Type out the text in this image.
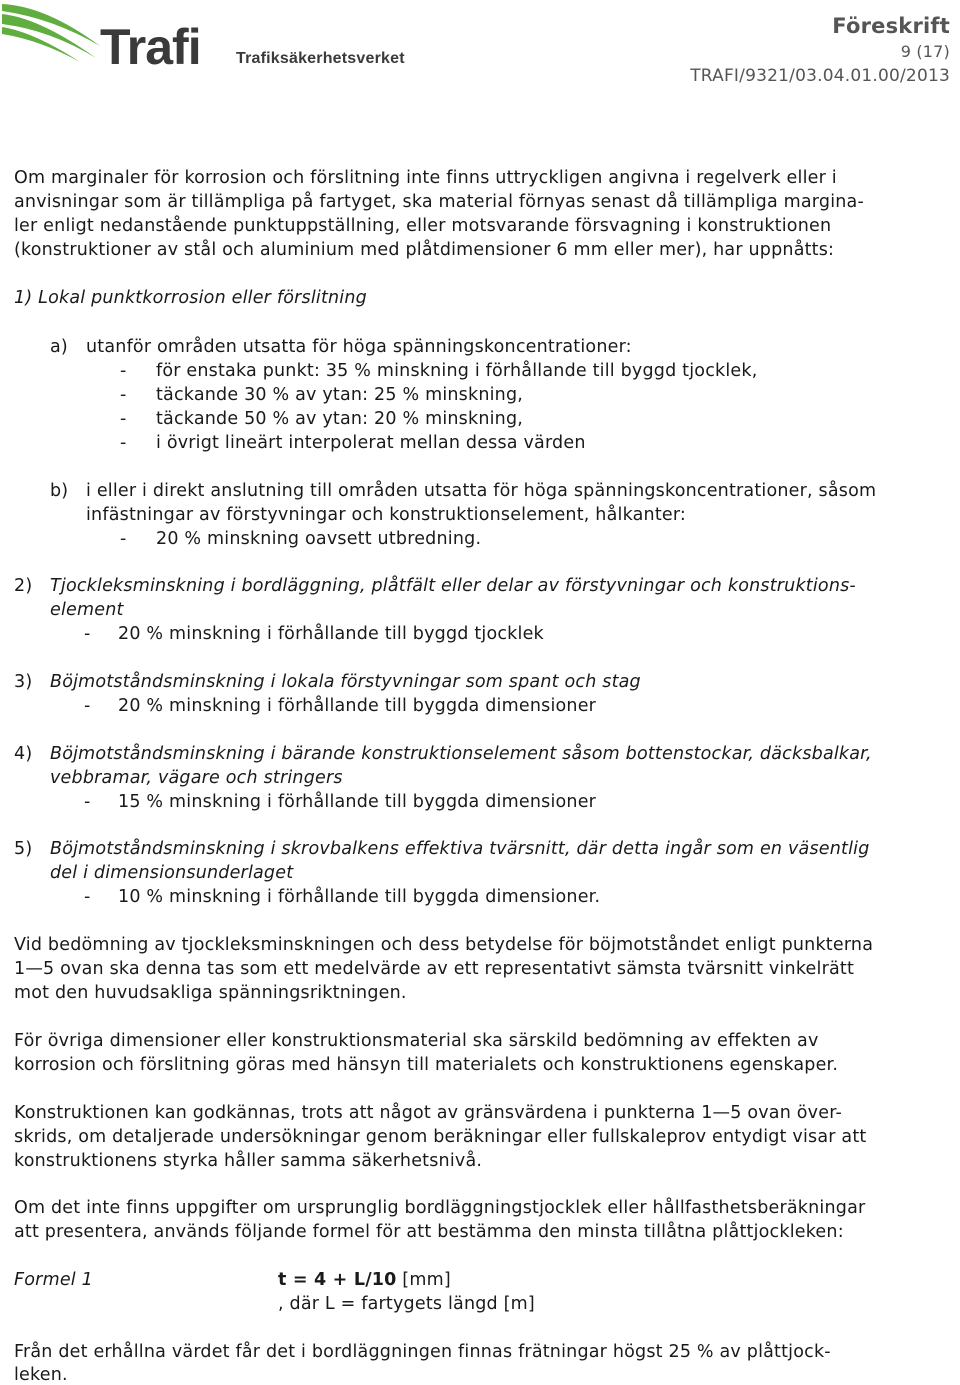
Trafi Trafiksäkerhetsverket
Föreskrift
9 (17)
TRAFI/9321/03.04.01.00/2013
Om marginaler för korrosion och förslitning inte finns uttryckligen angivna i regelverk eller i
anvisningar som är tillämpliga på fartyget, ska material förnyas senast då tillämpliga margina-
ler enligt nedanstående punktuppställning, eller motsvarande försvagning i konstruktionen
(konstruktioner av stål och aluminium med plåtdimensioner 6 mm eller mer), har uppnåtts:
1) Lokal punktkorrosion eller förslitning
a) utanför områden utsatta för höga spänningskoncentrationer:
- för enstaka punkt: 35 % minskning i förhållande till byggd tjocklek,
- täckande 30 % av ytan: 25 % minskning,
- täckande 50 % av ytan: 20 % minskning,
- i övrigt lineärt interpolerat mellan dessa värden
b) i eller i direkt anslutning till områden utsatta för höga spänningskoncentrationer, såsom
infästningar av förstyvningar och konstruktionselement, hålkanter:
- 20 % minskning oavsett utbredning.
2) Tjockleksminskning i bordläggning, plåtfält eller delar av förstyvningar och konstruktions-
element
- 20 % minskning i förhållande till byggd tjocklek
3) Böjmotståndsminskning i lokala förstyvningar som spant och stag
- 20 % minskning i förhållande till byggda dimensioner
4) Böjmotståndsminskning i bärande konstruktionselement såsom bottenstockar, däcksbalkar,
vebbramar, vägare och stringers
- 15 % minskning i förhållande till byggda dimensioner
5) Böjmotståndsminskning i skrovbalkens effektiva tvärsnitt, där detta ingår som en väsentlig
del i dimensionsunderlaget
- 10 % minskning i förhållande till byggda dimensioner.
Vid bedömning av tjockleksminskningen och dess betydelse för böjmotståndet enligt punkterna
1—5 ovan ska denna tas som ett medelvärde av ett representativt sämsta tvärsnitt vinkelrätt
mot den huvudsakliga spänningsriktningen.
För övriga dimensioner eller konstruktionsmaterial ska särskild bedömning av effekten av
korrosion och förslitning göras med hänsyn till materialets och konstruktionens egenskaper.
Konstruktionen kan godkännas, trots att något av gränsvärdena i punkterna 1—5 ovan över-
skrids, om detaljerade undersökningar genom beräkningar eller fullskaleprov entydigt visar att
konstruktionens styrka håller samma säkerhetsnivå.
Om det inte finns uppgifter om ursprunglig bordläggningstjocklek eller hållfasthetsberäkningar
att presentera, används följande formel för att bestämma den minsta tillåtna plåttjockleken:
Formel 1	t = 4 + L/10 [mm]
, där L = fartygets längd [m]
Från det erhållna värdet får det i bordläggningen finnas frätningar högst 25 % av plåttjock-
leken.
